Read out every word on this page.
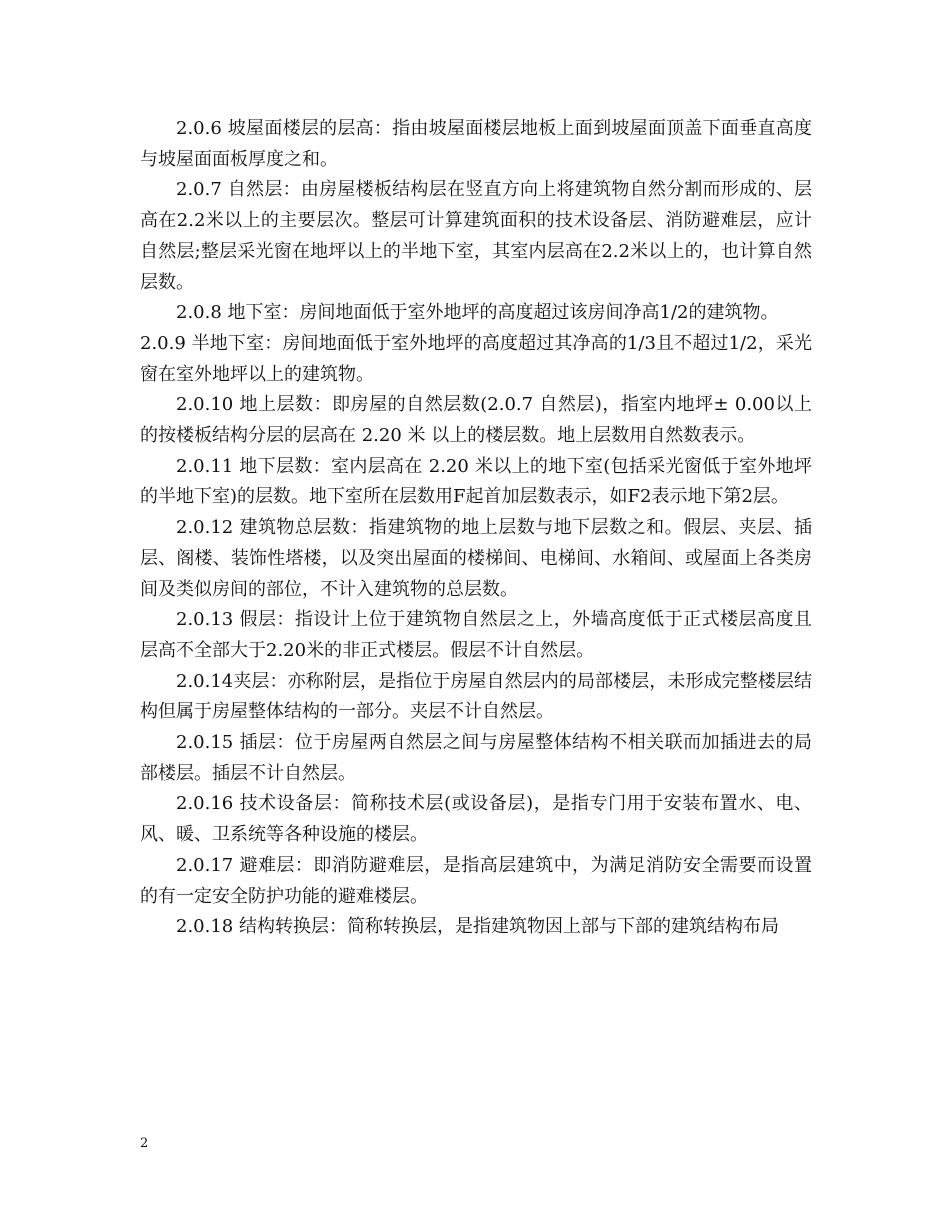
2.0.6 坡屋面楼层的层高：指由坡屋面楼层地板上面到坡屋面顶盖下面垂直高度与坡屋面面板厚度之和。

2.0.7 自然层：由房屋楼板结构层在竖直方向上将建筑物自然分割而形成的、层高在2.2米以上的主要层次。整层可计算建筑面积的技术设备层、消防避难层，应计自然层;整层采光窗在地坪以上的半地下室，其室内层高在2.2米以上的，也计算自然层数。

2.0.8 地下室：房间地面低于室外地坪的高度超过该房间净高1/2的建筑物。

2.0.9 半地下室：房间地面低于室外地坪的高度超过其净高的1/3且不超过1/2，采光窗在室外地坪以上的建筑物。

2.0.10 地上层数：即房屋的自然层数(2.0.7 自然层)，指室内地坪± 0.00以上的按楼板结构分层的层高在 2.20 米 以上的楼层数。地上层数用自然数表示。

2.0.11 地下层数：室内层高在 2.20 米以上的地下室(包括采光窗低于室外地坪的半地下室)的层数。地下室所在层数用F起首加层数表示，如F2表示地下第2层。

2.0.12 建筑物总层数：指建筑物的地上层数与地下层数之和。假层、夹层、插层、阁楼、装饰性塔楼，以及突出屋面的楼梯间、电梯间、水箱间、或屋面上各类房间及类似房间的部位，不计入建筑物的总层数。

2.0.13 假层：指设计上位于建筑物自然层之上，外墙高度低于正式楼层高度且层高不全部大于2.20米的非正式楼层。假层不计自然层。

2.0.14夹层：亦称附层，是指位于房屋自然层内的局部楼层，未形成完整楼层结构但属于房屋整体结构的一部分。夹层不计自然层。

2.0.15 插层：位于房屋两自然层之间与房屋整体结构不相关联而加插进去的局部楼层。插层不计自然层。

2.0.16 技术设备层：简称技术层(或设备层)，是指专门用于安装布置水、电、风、暖、卫系统等各种设施的楼层。

2.0.17 避难层：即消防避难层，是指高层建筑中，为满足消防安全需要而设置的有一定安全防护功能的避难楼层。

2.0.18 结构转换层：简称转换层，是指建筑物因上部与下部的建筑结构布局

2
